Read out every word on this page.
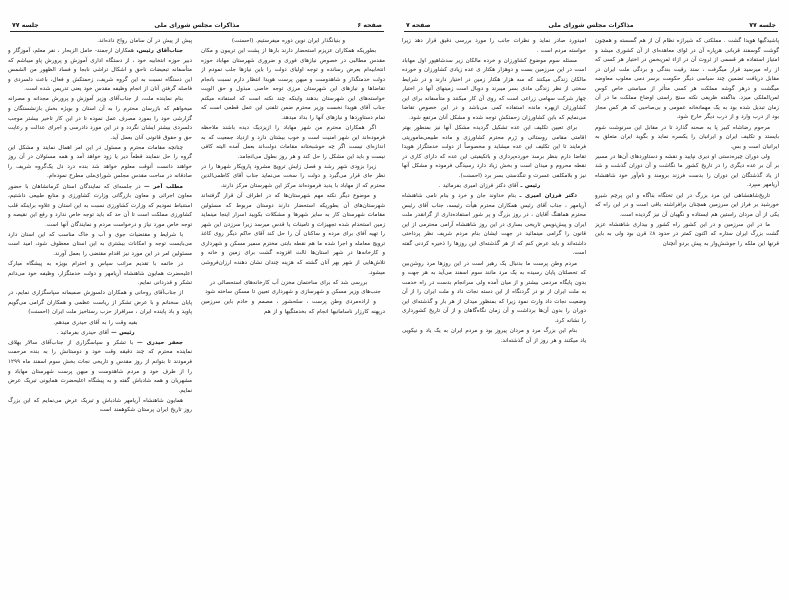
صفحه ۶
مذاکرات مجلس شورای ملی
جلسه ۷۷

پیش از پیش در آن سامان رواج داده‌اند.

جناب‌آقای رئیس، همکاران ارجمند- حامل الزبحار ، نفر معلم، آموزگار و دبیر حوزه انتخابیه خود ، از دستگاه اداری آموزش و پرورش پاو میباشم که متأسفانه تبعیضات ناحق و اشکال تراشی نابجا و فساد الظهور من الشمس این دستگاه نسبت به این گروه شریف، زحمتکش و فعال، باعث دلسردی و فاصله گرفتن آنان از انجام وظیفه مقدس خود یعنی تدریس شده است.

بنام نماینده ملت، از جناب‌آقای وزیر آموزش و پرورش مجدانه و مصرانه میخواهم که بازرسان محترم را به آن استان و بویژه بخش بازنشستگان و گزارشی خود را بمورد مصرف عمل نموده تا در این کار تاخیر بیشتر موجب دلسردی بیشتر ایشان نگردد و در این مورد دادرسی و اجرای عدالت و رعایت حق و حقوق قانونی آنان بعمل آید.

چنانچه مقامات محترم و مسئول در این امر اهمال نمایند و مشکل این گروه را حل ننمایند قطعاً دیر یا زود خواهد آمد و همه مسئولان در آن روز خواهند دانست آنوقت معلوم خواهد شد بنده درد دل یک‌گروه شریف را صادقانه در ساحت مقدس مجلس شورای‌ملی مطرح نموده‌ام.

مطلب آخر — در جلسه‌ای که نمایندگان استان کرمانشاهان با حضور معاون اجرائی و معاون بازرگانی وزارت کشاورزی و منابع طبیعی داشتیم، استنباط نمودیم که وزارت کشاورزی نسبت به این استان و علاوه براینکه قلب کشاورزی مملکت است تا آن حد که باید توجه خاص ندارد و رفع این نقیصه و توجه خاص مورد نیاز و درخواست مردم و نمایندگان آنها است.

با شرایط و مقتضیات جوی و آب و خاک مناسب که این استان دارد می‌بایست توجه و امکانات بیشتری به این استان معطوف شود، امید است مسئولین امر در این مورد نیز اقدام مقتضی را بعمل آورند.

در خاتمه با تقدیم مراتب سپاس و احترام بویژه به پیشگاه مبارک اعلیحضرت همایون شاهنشاه آریامهر و دولت خدمتگزار، وظیفه خود می‌دانم تشکر و قدردانی نمایم.

از جناب‌آقای روحانی و همکاران دلسوزش صمیمانه سپاسگزاری نمایم، در پایان سخنانم و با عرض تشکر از ریاست عظمی و همکاران گرامی می‌گویم پاوید و باد پاینده ایران ، سرافراز حزب رستاخیز ملت ایران (احسنت)

بقیه وقت را به آقای حیدری میدهم.

رئیس — آقای حیدری بفرمائید .

جعفر حیدری — با تشکر و سپاسگزاری از جناب‌آقای سالار بهلاف نماینده محترم که چند دقیقه وقت خود و دوستانش را به بنده مرحمت فرمودند تا بتوانم از روز مقدس و تاریخی نجات بخش سوم اسفند ماه ۱۲۹۹ را از طرف خود و مردم شاهدوست و میهن پرست شهرستان مهاباد و مشهریان و همه شادباش گفته و به پیشگاه اعلیحضرت همایونی تبریک عرض نمایم.

همایون شاهنشاه آریامهر شادباش و تبریک عرض می‌نمایم که این بزرگ روز تاریخ ایران پرستان شکوهمند است

و بنیانگذار ایران نوین دوره میفرستیم. (احسنت)

بطوریکه همکاران عزیزم استحضار دارند بارها از پشت این تریبون و مکان مقدس مطالبی در خصوص نیازهای فوری و ضروری شهرستان مهاباد حوزه انتخابیه‌ام بعرض رسانده و توجه اولیای دولت را باین نیازها جلب نمودم از دولت خدمتگذار و شاهدوست و میهن پرست هویدا انتظار دارم نسبت بانجام تقاضاها و نیازهای این شهرستان مرزی توجه خاصی مبذول و حق الویت خواسته‌های این شهرستان بدهند واینکه چند نکته است که استفاده میکنم جناب آقای هویدا نخست وزیر محترم ضمن تلفنی این عمل قطعی است که تمام دستاوردها و نیازهای آنها را بداد میدهد.

اگر همکاران محترم من شهر مهاباد را ازیزدیک دیده باشند ملاحظه فرموده‌اند این شهر امنیت است و خوب بیشتان دارد و ازدیاد جمعیت که به اندازه‌ای نیست اگر چه خوشبختانه مقامات دولت‌اند بعمل آمده الیته کافی نیست و باید این مشکل را حل کند و هر روز بطول می‌انجامد.

زیرا بزودی شهر رشد و فصل زایش ترویج مشرود پارویکار شهرها را در نظر جای قرار می‌گیرد و دولت را سخت می‌نماید جناب آقای کاظمی‌الدین محترم که از مهاباد با یدید فرموده‌اند مرکز این شهرستان مرکز دارند.

و موضوع دیگر نکته مهم شهرستان‌ها که در اطراف آن قرار گرفته‌اند شهرستان‌های آن بطوریکه استحضار دارند دوستان مربوط که مسئولین مقامات شهرستان کار به سایر شهرها و مشکلات بکوبید اسرار اینجا مینماید زمین استخدام شده تجهیزات و تامینات یا قدس میرسد زیرا سرزدن این شهر را تهیه آفای برای مرده و ساکنان آن را حل کند آقای حاکم دیگر روی کاغذ ترویج معامله و اجرا شده ما هم نقطه بابتی مخترم سمیر مسکن و شهرداری و کارخانه‌ها در شهر استان‌ها ثالث افزوده گشت برای زمین و خانه و تلاش‌هایی از شهر بهر آنان گشته که هزینه چندان نشان دهنده ارزان‌فروشی میشود.

بررسی شد که برای ساختمان مخزن آب کارخانه‌های استحصالی در جنب‌های وزیر مسکن و شهرسازی و شهرداری تعیین تا مسکن ساخته شود

و اراده‌مردی وطن پرست ، سلحشور ، مصمم و خادم باین سرزمین درپهنه کارزار ناسامانیها انجام که بخدمتگیها و از هم

جلسه ۷۷
مذاکرات مجلس شورای ملی
صفحه ۷

امیدورد صادر نماید و نظرات جانب را مورد بررسی دقیق قرار دهد زیرا خواسته مردم است .

مسئله سوم موضوع کشاورزان و خرده مالکان زیر سدشاهپور اول مهاباد است در این سرزمین بست و دوهزار هکتار ی عده زیادی کشاورزان و خورده مالکان زندگی میکنند که سه هزار هکتار زمین در اختیار دارند و در شرایط سختی از نظر زندگی مادی بسر میبرند و دوبال است زمینهای آنها در اختیار چهار شرکت سهامی زراعی است که روی آن کار میکنند و متأسفانه برای این کشاورزان ازیهره مانده استفاده کمی می‌باشد و در این خصوص تقاضا می‌نمایم که باین کشاورزان زحمتکش توجه شده و مشکل آنان مرتفع شود.

برای تعیین تکلیف این عده تشکیل گردیده مشکل آنها نیز بمنظور بهتر اقامتی مقامی روستائی و ژرم محترم کشاورزی و ماده طبیعی‌ماموریتی فرمایند تا این تکلیف این عده میشاید و مخصوصاً از دولت خدمتگزار هویدا تقاضا دارم بنظر برسد خورده‌پردازی و باتکیفیتی این عده که دارای کاری در نقطه محروم و میدان است و بخش زیاد دارد رسیدگی فرموده و مشکل آنها نیز و بلامکلفی عسرت و تنگدستی بسر برد (احسنت).

رئیس ـ آقای دکتر فرزان امیری بفرمائید .

دکتر فرزان امیری ـ بنام خداوند جان و خرد و بنام نامی شاهنشاه آریامهر ، جناب آقای رئیس همکاران محترم هیأت رئیسه، جناب آقای رئیس محترم هماهنگ آقایان ، در روز بزرگ و پر شور استفاده‌داری از گرانقدر ملت ایران و پیش‌نویس تاریخی بساری در این روز شاهنشاه آرامی محترمی از این قانون را گرامی مینمائید در جهت ایشان بنام مردم شریف نظر پرداختی داشته‌اند و باید عرض کنم که از هر گذشته‌ای این روزها را ذخیره کردنی گفته است.

مردم وطن پرست ما بدنبال یک رهبر است در این روزها مرد روشن‌بین که تحصلتان پایان رسیده به یک مرد مانند سوم اسفند می‌آید به هر جهت و بدون پایگاه مردمی بیشتر و از میان آمده ولی سرانجام بدست در راه خدمت به ملت ایران از نو در گردنگاه از این دسته نجات داد و ملت ایران را از آن وضعیت نجات داد وارث نمود زیرا که بمنظور میدان از هر بار و گذشته‌ای این دوران را بدون آن‌ها برداشت و آن زمان نگاه‌گاهان و از آن تاریخ کشورداری را نشانه کرد.

بنام این بزرگ مرد و مردان پیروز بود و مردم ایران به یک یاد و نیکویی یاد میکنند و هر روز از آن گذشته‌اند.

پاشیدگیها هویدا گشت . مملکتی که شیرازه نظام آن از هم گسسته و همچون گوشت گوسفند قربانی هرپاره آن در لوای معاهده‌ای از آن کشوری میشد و امتیاز استفاده هر قسمی از ثروت آن در ازاء ثمن‌بخس در اختیار هر کسی که از راه میرسید قرار میگرفت ، سند رقیت بندگی و بردگی ملت ایران در مقابل دریافت تضمین چند سیاسی دیگر حکومت برسر دمی مغلوب معاوضه میگشت و درهر گوشه مملکت هر کسی متأثر از سیاستی خاص کوس لمن‌الملکی میزد. بناگفته ظریفی نکته سنج راستی اوضاع مملکت ما در آن زمان تبدیل شده بود به یک مهمانخانه عمومی و بی‌صاحبی که هر کس مجاز بود از درب وارد و از درب دیگر خارج شود.

مرحوم رضاشاه کبیر پا به صحنه گذارد تا در مقابل این سرنوشت شوم بایستد و تکلیف ایران و ایرانیان را یکسره نماید و بگوید ایران متعلق به ایرانیان است و بس.

ولی دوران چیره‌دستی او دیری نپایید و نقشه و دستاوردهای آن‌ها در مسیر بر آن بر عده دیگری را در تاریخ کشور ما نگاشت و آن دوران گذشت و شد از یاد گذشتگان این دوران را بدست فرزند برومند و نام‌آور خود شاهنشاه آریامهر سپرد.

تاریخ‌شاهنشاهی این مرد بزرگ در این تختگاه بناگاه و این پرچم شیرو خورشید بر فراز این سرزمین همچنان برافراشته باقی است و در این راه که یکی از آن مردان راستین هم ایستاده و نگهبان آن نیز گردیده است.

ما در این سرزمین و در این کشور راه کشور و بیداری شاهنشاه عزیز گشت بزرگ ایران ستاره که اکنون کمتر در حدود ۸٪ قرن بود ولی به باین قرنها این ملکه را جوشش‌وار به پیش بردو آنچنان
